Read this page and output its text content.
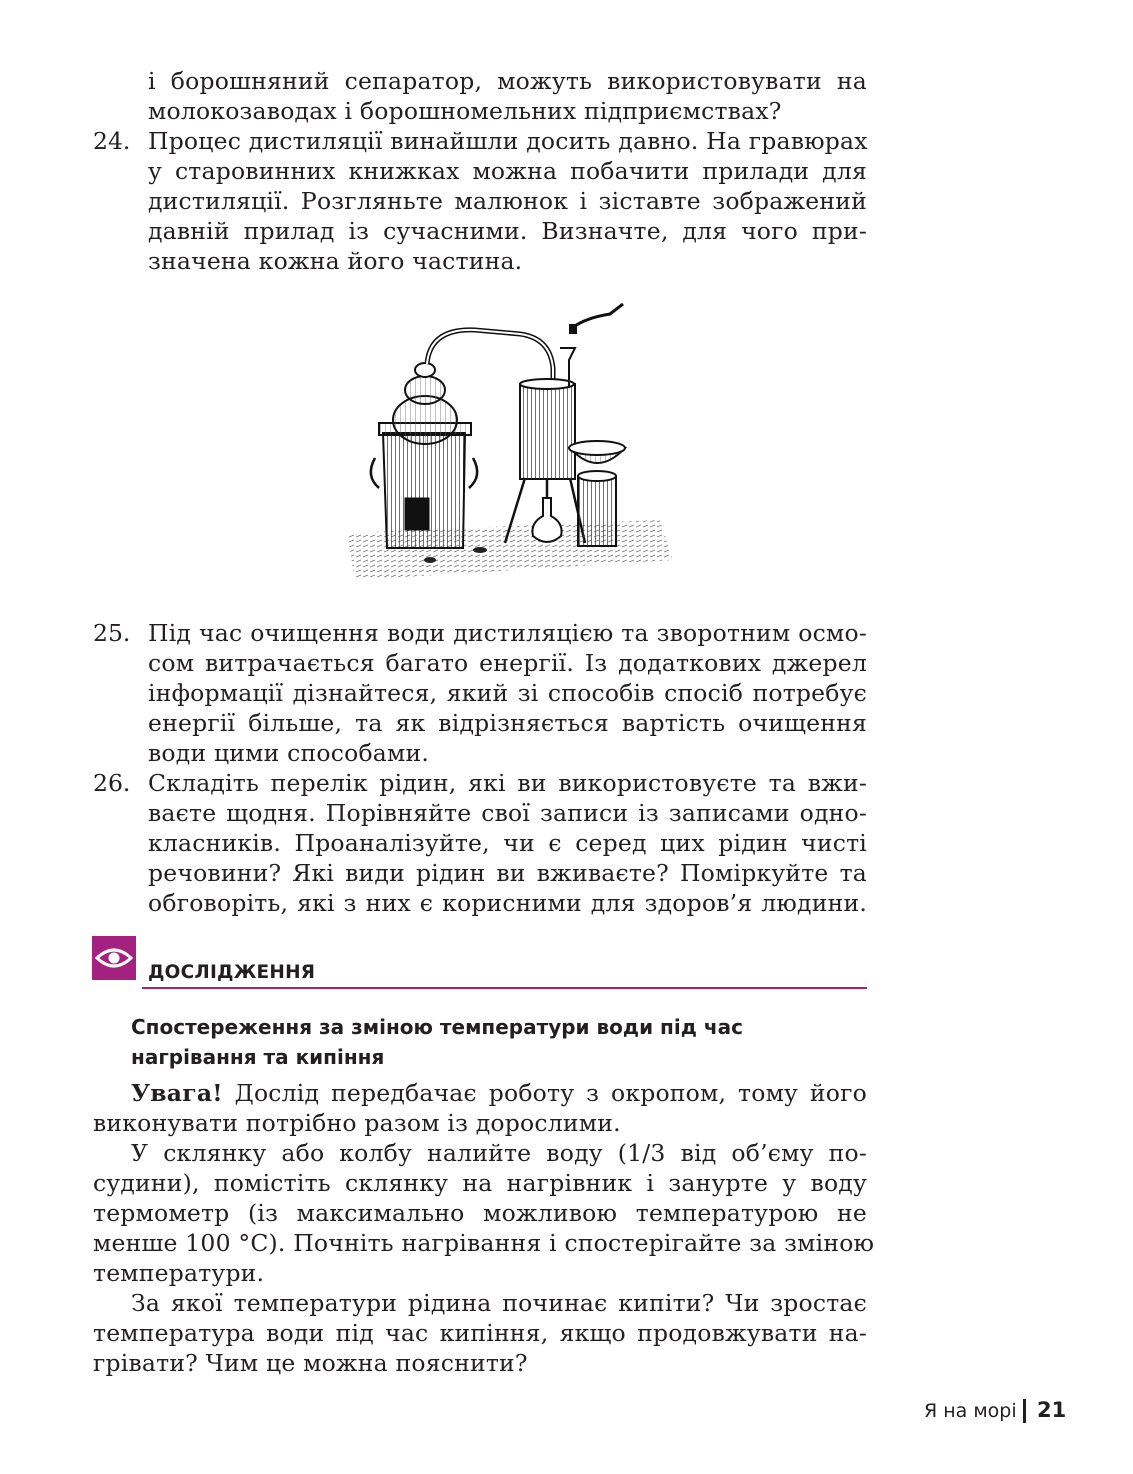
і борошняний сепаратор, можуть використовувати на
молокозаводах і борошномельних підприємствах?
24. Процес дистиляції винайшли досить давно. На гравюрах
у старовинних книжках можна побачити прилади для
дистиляції. Розгляньте малюнок і зіставте зображений
давній прилад із сучасними. Визначте, для чого при-
значена кожна його частина.
25. Під час очищення води дистиляцією та зворотним осмо-
сом витрачається багато енергії. Із додаткових джерел
інформації дізнайтеся, який зі способів спосіб потребує
енергії більше, та як відрізняється вартість очищення
води цими способами.
26. Складіть перелік рідин, які ви використовуєте та вжи-
ваєте щодня. Порівняйте свої записи із записами одно-
класників. Проаналізуйте, чи є серед цих рідин чисті
речовини? Які види рідин ви вживаєте? Поміркуйте та
обговоріть, які з них є корисними для здоров’я людини.
ДОСЛІДЖЕННЯ
Спостереження за зміною температури води під час
нагрівання та кипіння
Увага! Дослід передбачає роботу з окропом, тому його
виконувати потрібно разом із дорослими.
У склянку або колбу налийте воду (1/3 від об’єму по-
судини), помістіть склянку на нагрівник і занурте у воду
термометр (із максимально можливою температурою не
менше 100 °С). Почніть нагрівання і спостерігайте за зміною
температури.
За якої температури рідина починає кипіти? Чи зростає
температура води під час кипіння, якщо продовжувати на-
грівати? Чим це можна пояснити?
Я на морі 21
